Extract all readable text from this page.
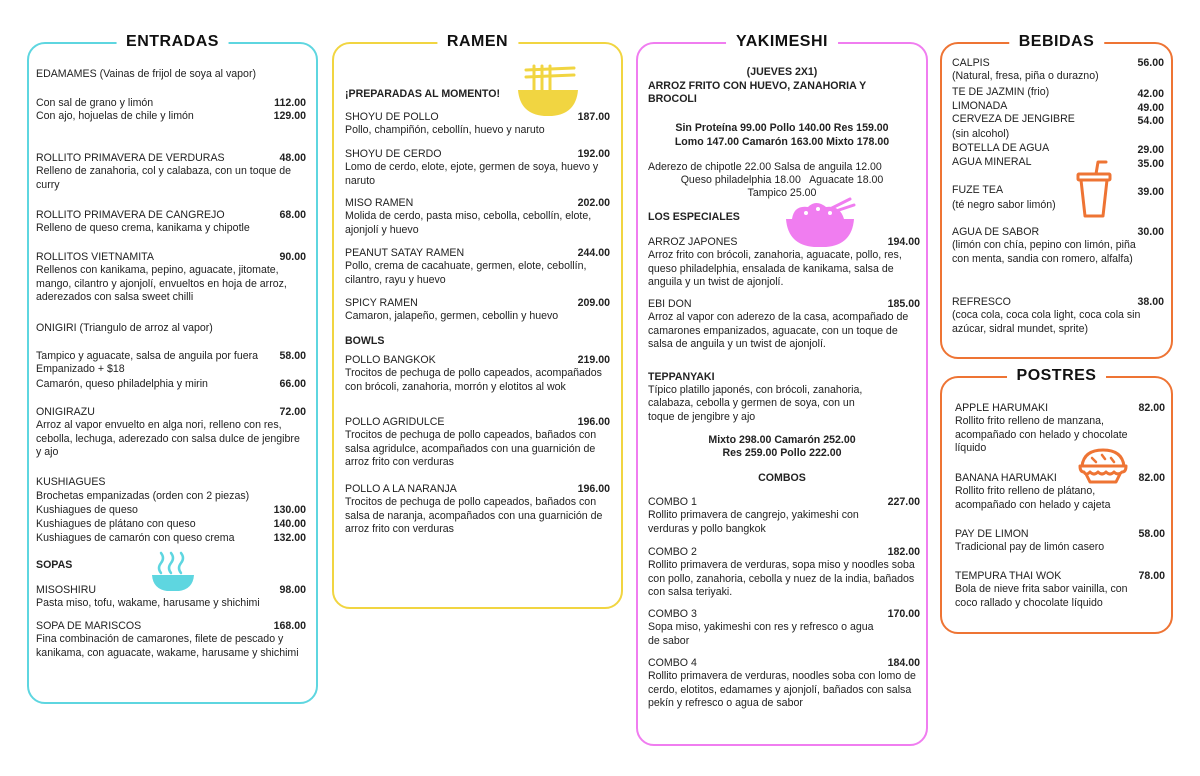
ENTRADAS
EDAMAMES (Vainas de frijol de soya al vapor)
Con sal de grano y limón	112.00
Con ajo, hojuelas de chile y limón	129.00
ROLLITO PRIMAVERA DE VERDURAS	48.00
Relleno de zanahoria, col y calabaza, con un toque de curry
ROLLITO PRIMAVERA DE CANGREJO	68.00
Relleno de queso crema, kanikama y chipotle
ROLLITOS VIETNAMITA	90.00
Rellenos con kanikama, pepino, aguacate, jitomate, mango, cilantro y ajonjolí, envueltos en hoja de arroz, aderezados con salsa sweet chilli
ONIGIRI (Triangulo de arroz al vapor)
Tampico y aguacate, salsa de anguila por fuera	58.00
Empanizado + $18
Camarón, queso philadelphia y mirin	66.00
ONIGIRAZU	72.00
Arroz al vapor envuelto en alga nori, relleno con res, cebolla, lechuga, aderezado con salsa dulce de jengibre y ajo
KUSHIAGUES
Brochetas empanizadas (orden con 2 piezas)
Kushiagues de queso	130.00
Kushiagues de plátano con queso	140.00
Kushiagues de camarón con queso crema	132.00
SOPAS
MISOSHIRU	98.00
Pasta miso, tofu, wakame, harusame y shichimi
SOPA DE MARISCOS	168.00
Fina combinación de camarones, filete de pescado y kanikama, con aguacate, wakame, harusame y shichimi
RAMEN
¡PREPARADAS AL MOMENTO!
SHOYU DE POLLO	187.00
Pollo, champiñón, cebollín, huevo y naruto
SHOYU DE CERDO	192.00
Lomo de cerdo, elote, ejote, germen de soya, huevo y naruto
MISO RAMEN	202.00
Molida de cerdo, pasta miso, cebolla, cebollín, elote, ajonjolí y huevo
PEANUT SATAY RAMEN	244.00
Pollo, crema de cacahuate, germen, elote, cebollín, cilantro, rayu y huevo
SPICY RAMEN	209.00
Camaron, jalapeño, germen, cebollin y huevo
BOWLS
POLLO BANGKOK	219.00
Trocitos de pechuga de pollo capeados, acompañados con brócoli, zanahoria, morrón y elotitos al wok
POLLO AGRIDULCE	196.00
Trocitos de pechuga de pollo capeados, bañados con salsa agridulce, acompañados con una guarnición de arroz frito con verduras
POLLO A LA NARANJA	196.00
Trocitos de pechuga de pollo capeados, bañados con salsa de naranja, acompañados con una guarnición de arroz frito con verduras
YAKIMESHI
(JUEVES 2X1)
ARROZ FRITO CON HUEVO, ZANAHORIA Y BROCOLI
Sin Proteína 99.00 Pollo 140.00 Res 159.00
Lomo 147.00 Camarón 163.00 Mixto 178.00
Aderezo de chipotle 22.00 Salsa de anguila 12.00
Queso philadelphia 18.00   Aguacate 18.00
Tampico 25.00
LOS ESPECIALES
ARROZ JAPONES	194.00
Arroz frito con brócoli, zanahoria, aguacate, pollo, res, queso philadelphia, ensalada de kanikama, salsa de anguila y un twist de ajonjolí.
EBI DON	185.00
Arroz al vapor con aderezo de la casa, acompañado de camarones empanizados, aguacate, con un toque de salsa de anguila y un twist de ajonjolí.
TEPPANYAKI
Típico platillo japonés, con brócoli, zanahoria, calabaza, cebolla y germen de soya, con un toque de jengibre y ajo
Mixto 298.00 Camarón 252.00
Res 259.00 Pollo 222.00
COMBOS
COMBO 1	227.00
Rollito primavera de cangrejo, yakimeshi con verduras y pollo bangkok
COMBO 2	182.00
Rollito primavera de verduras, sopa miso y noodles soba con pollo, zanahoria, cebolla y nuez de la india, bañados con salsa teriyaki.
COMBO 3	170.00
Sopa miso, yakimeshi con res y refresco o agua de sabor
COMBO 4	184.00
Rollito primavera de verduras, noodles soba con lomo de cerdo, elotitos, edamames y ajonjolí, bañados con salsa pekín y refresco o agua de sabor
BEBIDAS
CALPIS	56.00
(Natural, fresa, piña o durazno)
TE DE JAZMIN (frio)	42.00
LIMONADA	49.00
CERVEZA DE JENGIBRE	54.00
(sin alcohol)
BOTELLA DE AGUA	29.00
AGUA MINERAL	35.00
FUZE TEA	39.00
(té negro sabor limón)
AGUA DE SABOR	30.00
(limón con chía, pepino con limón, piña con menta, sandia con romero, alfalfa)
REFRESCO	38.00
(coca cola, coca cola light, coca cola sin azúcar, sidral mundet, sprite)
POSTRES
APPLE HARUMAKI	82.00
Rollito frito relleno de manzana, acompañado con helado y chocolate líquido
BANANA HARUMAKI	82.00
Rollito frito relleno de plátano, acompañado con helado y cajeta
PAY DE LIMON	58.00
Tradicional pay de limón casero
TEMPURA THAI WOK	78.00
Bola de nieve frita sabor vainilla, con coco rallado y chocolate líquido
